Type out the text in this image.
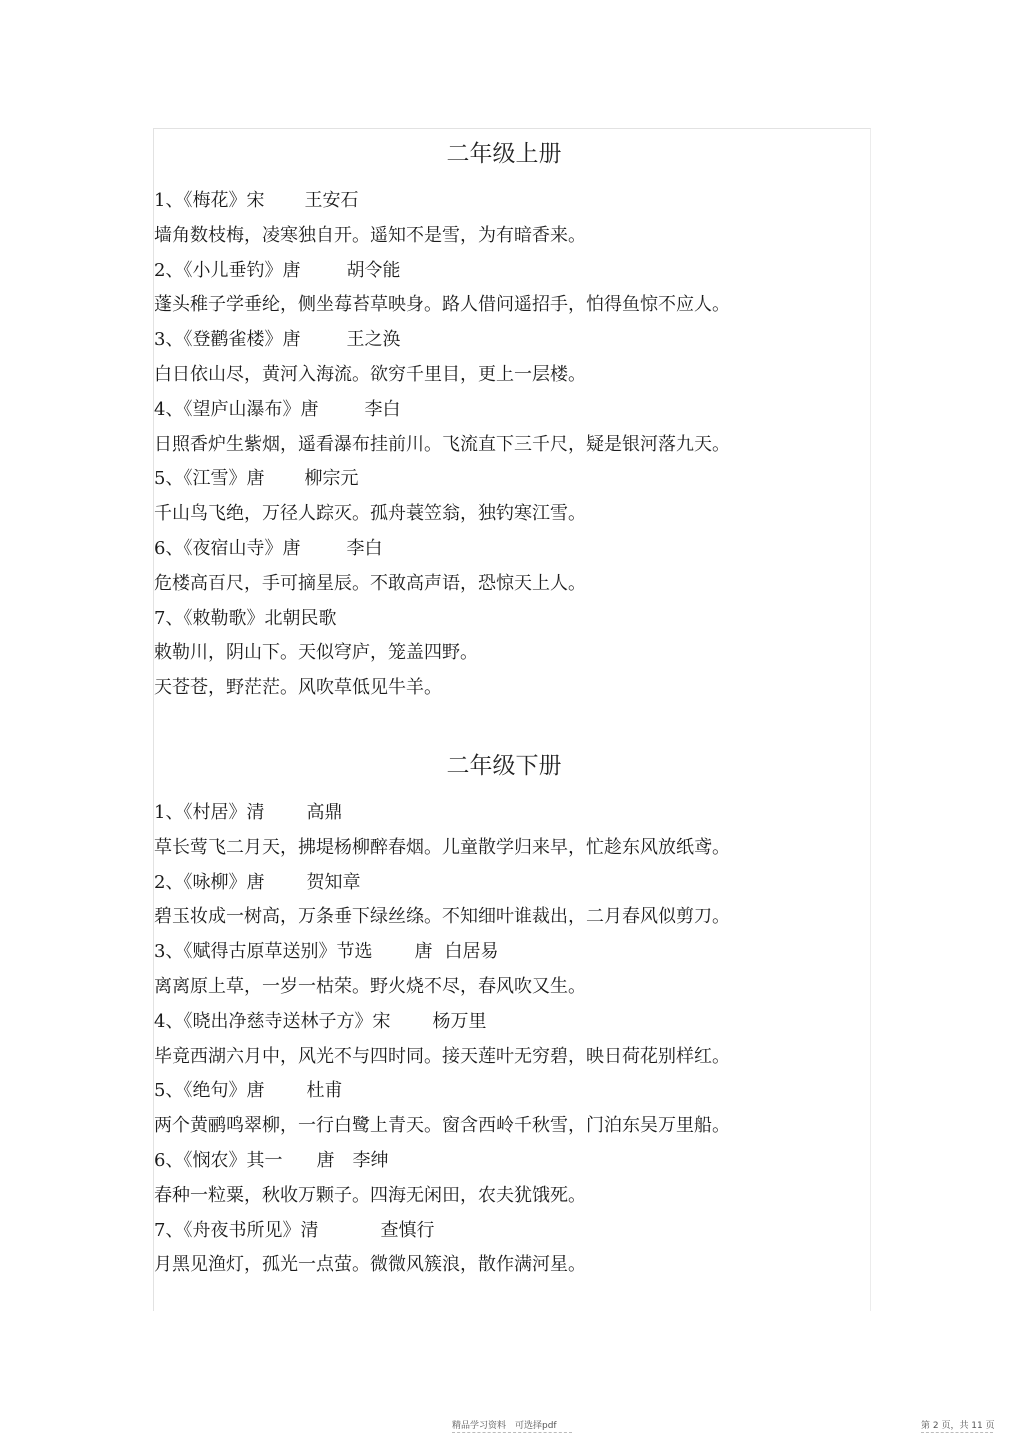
二年级上册
1、《梅花》宋 王安石
墙角数枝梅，凌寒独自开。遥知不是雪，为有暗香来。
2、《小儿垂钓》唐	胡令能
蓬头稚子学垂纶，侧坐莓苔草映身。路人借问遥招手，怕得鱼惊不应人。
3、《登鹳雀楼》唐	王之涣
白日依山尽，黄河入海流。欲穷千里目，更上一层楼。
4、《望庐山瀑布》唐	李白
日照香炉生紫烟，遥看瀑布挂前川。飞流直下三千尺，疑是银河落九天。
5、《江雪》唐 柳宗元
千山鸟飞绝，万径人踪灭。孤舟蓑笠翁，独钓寒江雪。
6、《夜宿山寺》唐	李白
危楼高百尺，手可摘星辰。不敢高声语，恐惊天上人。
7、《敕勒歌》北朝民歌
敕勒川，阴山下。天似穹庐，笼盖四野。
天苍苍，野茫茫。风吹草低见牛羊。
二年级下册
1、《村居》清 高鼎
草长莺飞二月天，拂堤杨柳醉春烟。儿童散学归来早，忙趁东风放纸鸢。
2、《咏柳》唐 贺知章
碧玉妆成一树高，万条垂下绿丝绦。不知细叶谁裁出，二月春风似剪刀。
3、《赋得古原草送别》节选 唐 白居易
离离原上草，一岁一枯荣。野火烧不尽，春风吹又生。
4、《晓出净慈寺送林子方》宋 杨万里
毕竟西湖六月中，风光不与四时同。接天莲叶无穷碧，映日荷花别样红。
5、《绝句》唐 杜甫
两个黄鹂鸣翠柳，一行白鹭上青天。窗含西岭千秋雪，门泊东吴万里船。
6、《悯农》其一 唐 李绅
春种一粒粟，秋收万颗子。四海无闲田，农夫犹饿死。
7、《舟夜书所见》清	查慎行
月黑见渔灯，孤光一点萤。微微风簇浪，散作满河星。
精品学习资料　可选择pdf	第 2 页，共 11 页
